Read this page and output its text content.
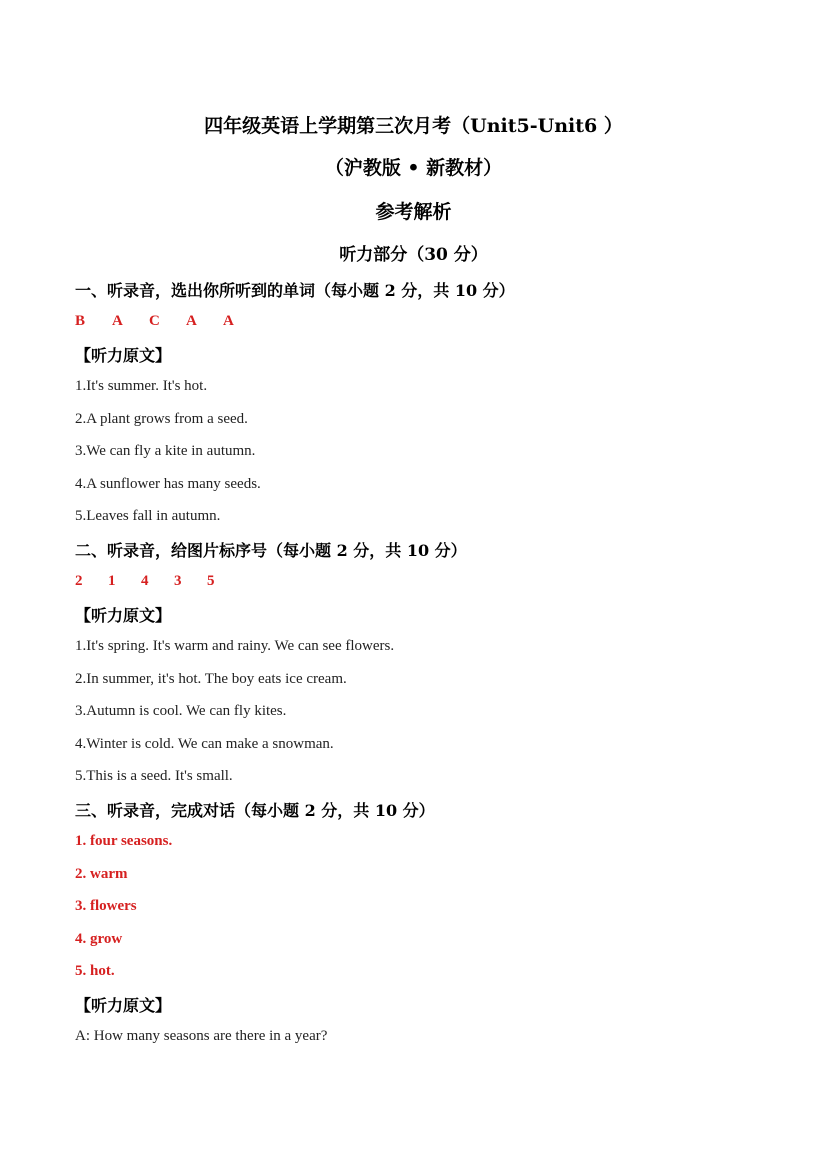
四年级英语上学期第三次月考（Unit5-Unit6 ）
（沪教版 • 新教材）
参考解析
听力部分（30 分）
一、听录音，选出你所听到的单词（每小题 2 分，共 10 分）
B A C A A
【听力原文】
1.It's summer. It's hot.
2.A plant grows from a seed.
3.We can fly a kite in autumn.
4.A sunflower has many seeds.
5.Leaves fall in autumn.
二、听录音，给图片标序号（每小题 2 分，共 10 分）
2 1 4 3 5
【听力原文】
1.It's spring. It's warm and rainy. We can see flowers.
2.In summer, it's hot. The boy eats ice cream.
3.Autumn is cool. We can fly kites.
4.Winter is cold. We can make a snowman.
5.This is a seed. It's small.
三、听录音，完成对话（每小题 2 分，共 10 分）
1. four seasons.
2. warm
3. flowers
4. grow
5. hot.
【听力原文】
A: How many seasons are there in a year?
